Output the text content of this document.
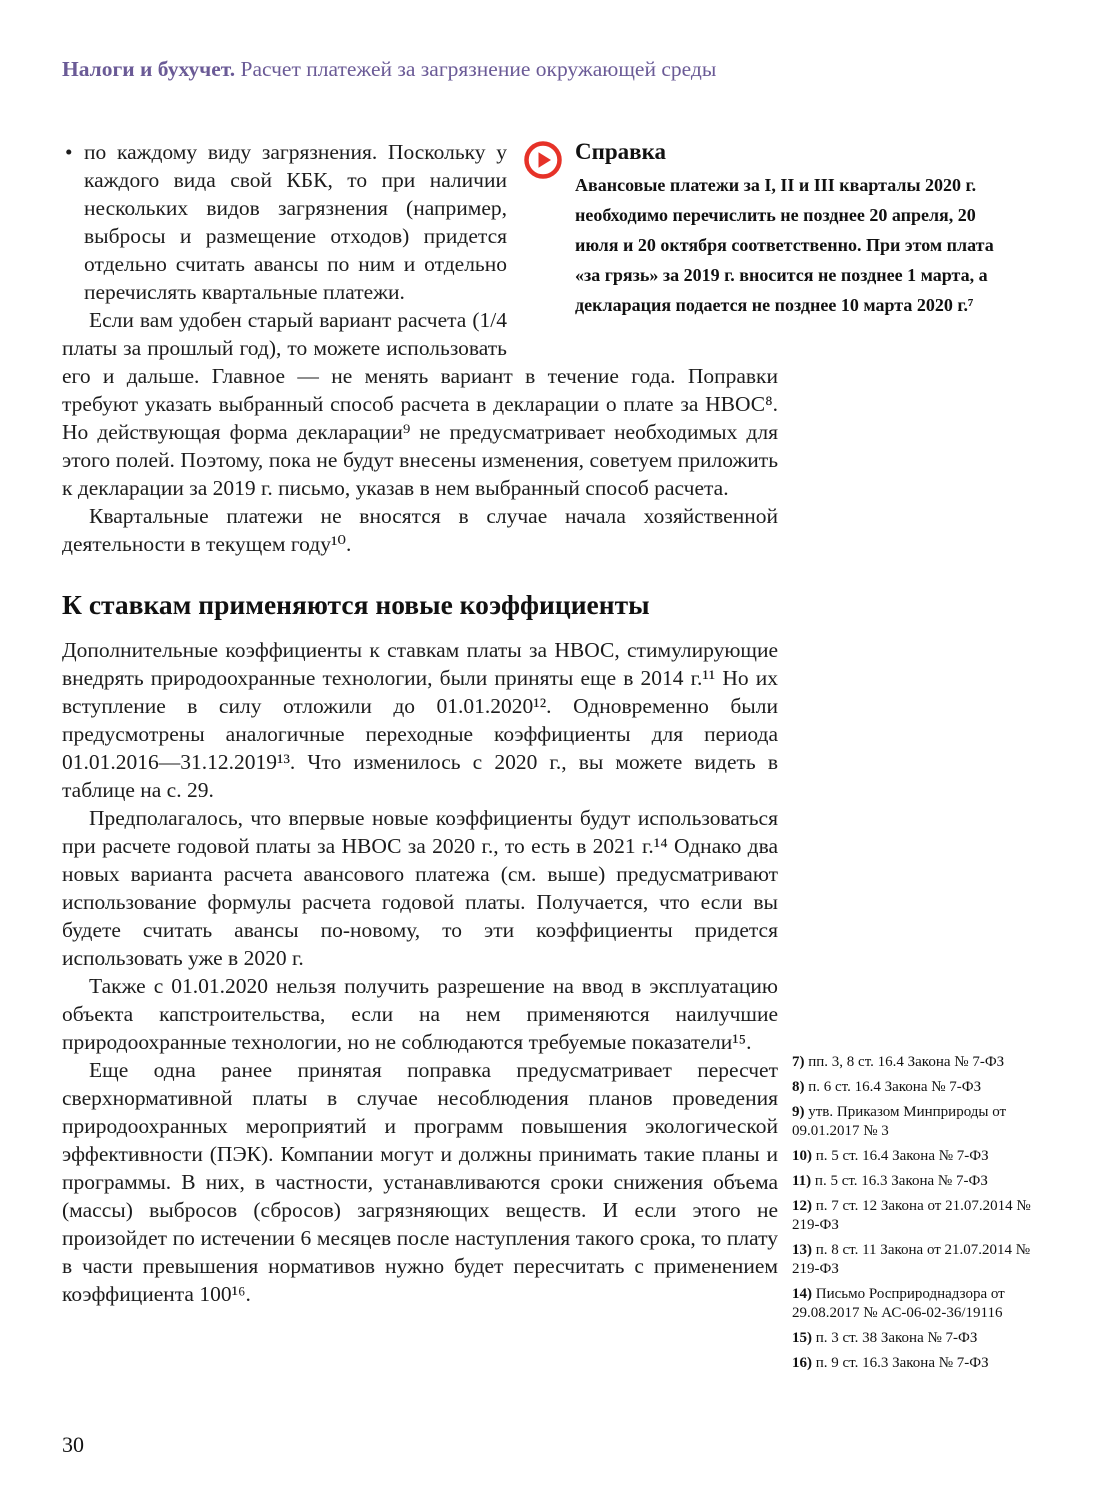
Налоги и бухучет. Расчет платежей за загрязнение окружающей среды
Справка
Авансовые платежи за I, II и III кварталы 2020 г. необходимо перечислить не позднее 20 апреля, 20 июля и 20 октября соответственно. При этом плата «за грязь» за 2019 г. вносится не позднее 1 марта, а декларация подается не позднее 10 марта 2020 г.⁷

• по каждому виду загрязнения. Поскольку у каждого вида свой КБК, то при наличии нескольких видов загрязнения (например, выбросы и размещение отходов) придется отдельно считать авансы по ним и отдельно перечислять квартальные платежи.

Если вам удобен старый вариант расчета (1/4 платы за прошлый год), то можете использовать его и дальше. Главное — не менять вариант в течение года. Поправки требуют указать выбранный способ расчета в декларации о плате за НВОС⁸. Но действующая форма декларации⁹ не предусматривает необходимых для этого полей. Поэтому, пока не будут внесены изменения, советуем приложить к декларации за 2019 г. письмо, указав в нем выбранный способ расчета.

Квартальные платежи не вносятся в случае начала хозяйственной деятельности в текущем году¹⁰.

К ставкам применяются новые коэффициенты

Дополнительные коэффициенты к ставкам платы за НВОС, стимулирующие внедрять природоохранные технологии, были приняты еще в 2014 г.¹¹ Но их вступление в силу отложили до 01.01.2020¹². Одновременно были предусмотрены аналогичные переходные коэффициенты для периода 01.01.2016—31.12.2019¹³. Что изменилось с 2020 г., вы можете видеть в таблице на с. 29.

Предполагалось, что впервые новые коэффициенты будут использоваться при расчете годовой платы за НВОС за 2020 г., то есть в 2021 г.¹⁴ Однако два новых варианта расчета авансового платежа (см. выше) предусматривают использование формулы расчета годовой платы. Получается, что если вы будете считать авансы по-новому, то эти коэффициенты придется использовать уже в 2020 г.

Также с 01.01.2020 нельзя получить разрешение на ввод в эксплуатацию объекта капстроительства, если на нем применяются наилучшие природоохранные технологии, но не соблюдаются требуемые показатели¹⁵.

Еще одна ранее принятая поправка предусматривает пересчет сверхнормативной платы в случае несоблюдения планов проведения природоохранных мероприятий и программ повышения экологической эффективности (ПЭК). Компании могут и должны принимать такие планы и программы. В них, в частности, устанавливаются сроки снижения объема (массы) выбросов (сбросов) загрязняющих веществ. И если этого не произойдет по истечении 6 месяцев после наступления такого срока, то плату в части превышения нормативов нужно будет пересчитать с применением коэффициента 100¹⁶.

7) пп. 3, 8 ст. 16.4 Закона № 7-ФЗ
8) п. 6 ст. 16.4 Закона № 7-ФЗ
9) утв. Приказом Минприроды от 09.01.2017 № 3
10) п. 5 ст. 16.4 Закона № 7-ФЗ
11) п. 5 ст. 16.3 Закона № 7-ФЗ
12) п. 7 ст. 12 Закона от 21.07.2014 № 219-ФЗ
13) п. 8 ст. 11 Закона от 21.07.2014 № 219-ФЗ
14) Письмо Росприроднадзора от 29.08.2017 № АС-06-02-36/19116
15) п. 3 ст. 38 Закона № 7-ФЗ
16) п. 9 ст. 16.3 Закона № 7-ФЗ
30
